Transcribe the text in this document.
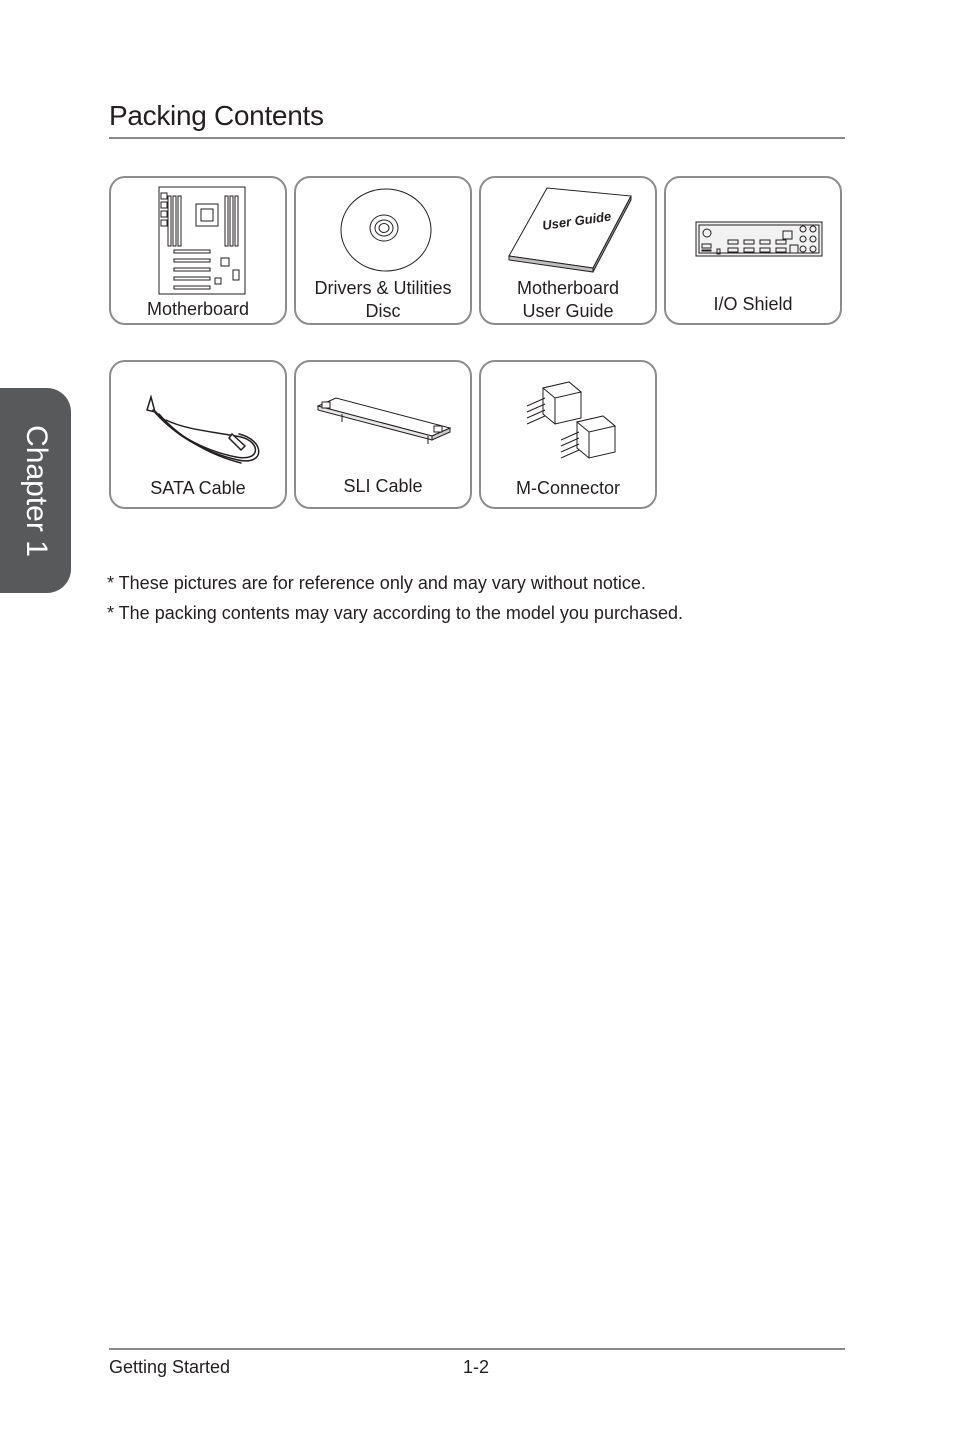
Packing Contents
Chapter 1
Motherboard
Drivers & Utilities
Disc
User Guide
Motherboard
User Guide	I/O Shield
SATA Cable	SLI Cable	M-Connector

* These pictures are for reference only and may vary without notice.

* The packing contents may vary according to the model you purchased.

Getting Started	1-2
